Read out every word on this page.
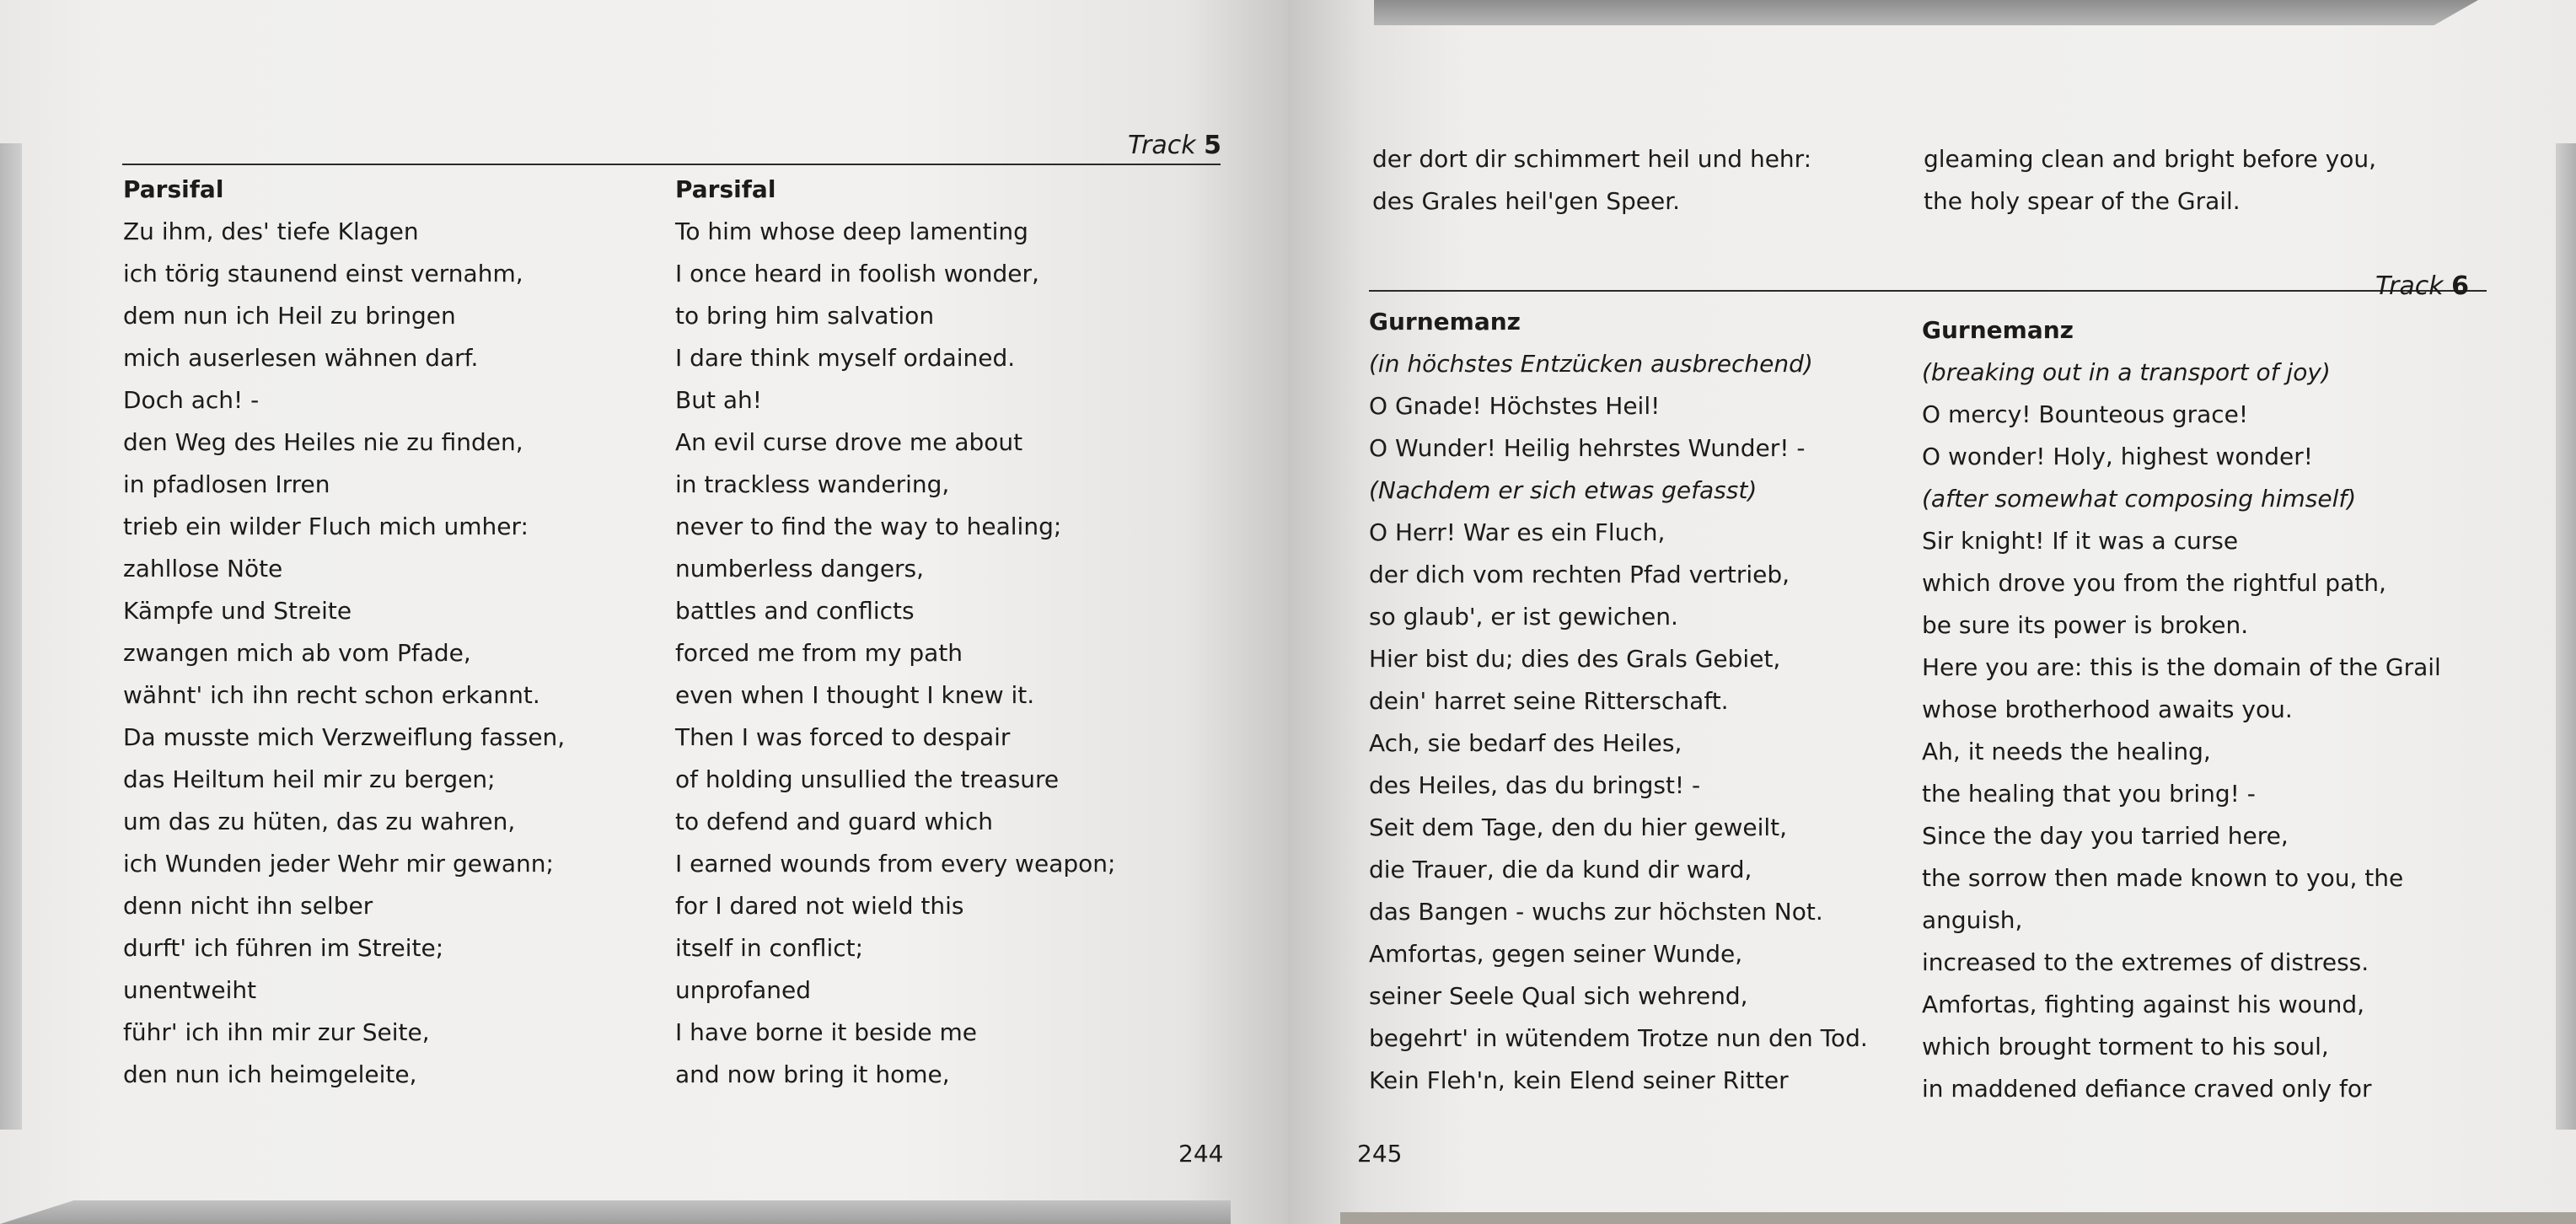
Track 5
Parsifal
Zu ihm, des' tiefe Klagen
ich törig staunend einst vernahm,
dem nun ich Heil zu bringen
mich auserlesen wähnen darf.
Doch ach! -
den Weg des Heiles nie zu finden,
in pfadlosen Irren
trieb ein wilder Fluch mich umher:
zahllose Nöte
Kämpfe und Streite
zwangen mich ab vom Pfade,
wähnt' ich ihn recht schon erkannt.
Da musste mich Verzweiflung fassen,
das Heiltum heil mir zu bergen;
um das zu hüten, das zu wahren,
ich Wunden jeder Wehr mir gewann;
denn nicht ihn selber
durft' ich führen im Streite;
unentweiht
führ' ich ihn mir zur Seite,
den nun ich heimgeleite,
Parsifal
To him whose deep lamenting
I once heard in foolish wonder,
to bring him salvation
I dare think myself ordained.
But ah!
An evil curse drove me about
in trackless wandering,
never to find the way to healing;
numberless dangers,
battles and conflicts
forced me from my path
even when I thought I knew it.
Then I was forced to despair
of holding unsullied the treasure
to defend and guard which
I earned wounds from every weapon;
for I dared not wield this
itself in conflict;
unprofaned
I have borne it beside me
and now bring it home,
244
der dort dir schimmert heil und hehr:
des Grales heil'gen Speer.
gleaming clean and bright before you,
the holy spear of the Grail.
Track 6
Gurnemanz
(in höchstes Entzücken ausbrechend)
O Gnade! Höchstes Heil!
O Wunder! Heilig hehrstes Wunder! -
(Nachdem er sich etwas gefasst)
O Herr! War es ein Fluch,
der dich vom rechten Pfad vertrieb,
so glaub', er ist gewichen.
Hier bist du; dies des Grals Gebiet,
dein' harret seine Ritterschaft.
Ach, sie bedarf des Heiles,
des Heiles, das du bringst! -
Seit dem Tage, den du hier geweilt,
die Trauer, die da kund dir ward,
das Bangen - wuchs zur höchsten Not.
Amfortas, gegen seiner Wunde,
seiner Seele Qual sich wehrend,
begehrt' in wütendem Trotze nun den Tod.
Kein Fleh'n, kein Elend seiner Ritter
Gurnemanz
(breaking out in a transport of joy)
O mercy! Bounteous grace!
O wonder! Holy, highest wonder!
(after somewhat composing himself)
Sir knight! If it was a curse
which drove you from the rightful path,
be sure its power is broken.
Here you are: this is the domain of the Grail
whose brotherhood awaits you.
Ah, it needs the healing,
the healing that you bring! -
Since the day you tarried here,
the sorrow then made known to you, the
anguish,
increased to the extremes of distress.
Amfortas, fighting against his wound,
which brought torment to his soul,
in maddened defiance craved only for
245
